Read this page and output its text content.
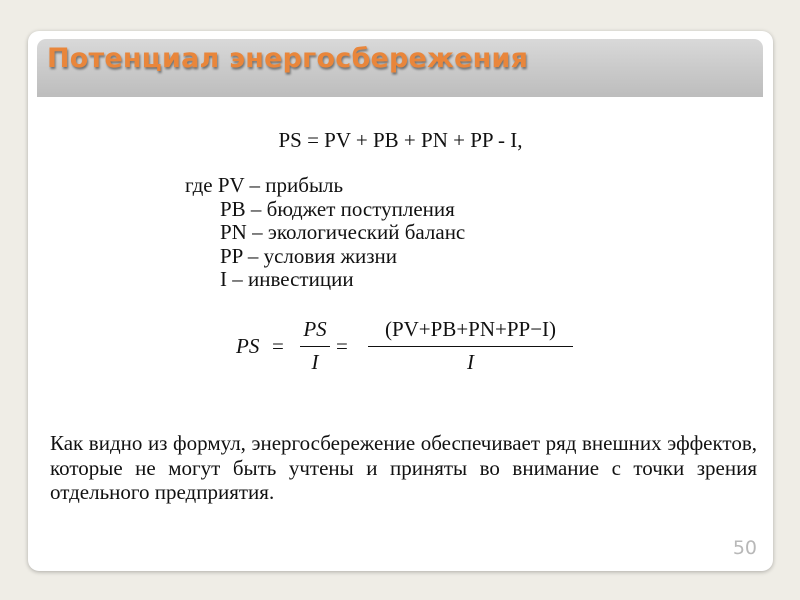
Потенциал энергосбережения
PS = PV + PB + PN + PP - I,
где PV – прибыль
PB – бюджет поступления
PN – экологический баланс
PP – условия жизни
I – инвестиции
PS =
PS
I
=
(PV+PB+PN+PP−I)
I
Как видно из формул, энергосбережение обеспечивает ряд внешних эффектов, которые не могут быть учтены и приняты во внимание с точки зрения отдельного предприятия.
50
